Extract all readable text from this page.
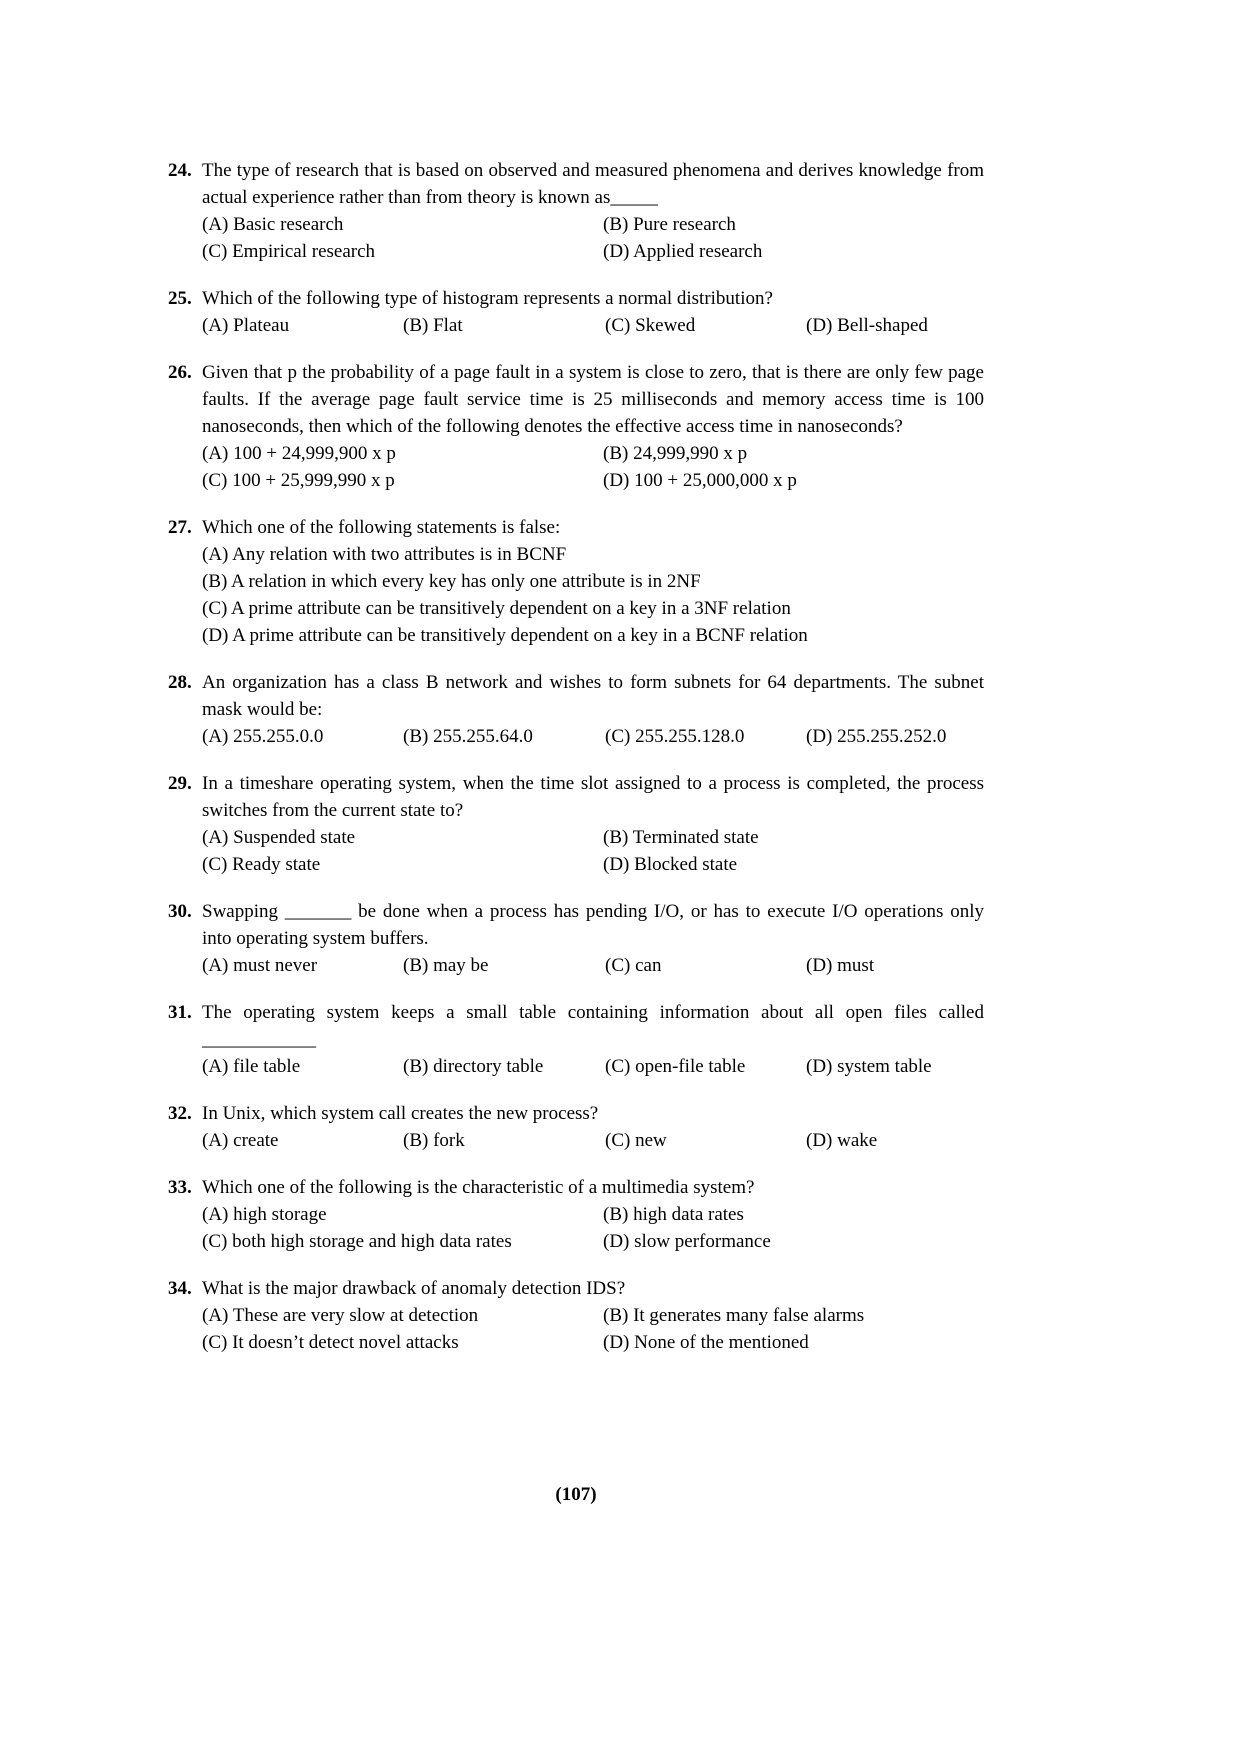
24. The type of research that is based on observed and measured phenomena and derives knowledge from actual experience rather than from theory is known as_____
(A) Basic research	(B) Pure research
(C) Empirical research	(D) Applied research
25. Which of the following type of histogram represents a normal distribution?
(A) Plateau	(B) Flat	(C) Skewed	(D) Bell-shaped
26. Given that p the probability of a page fault in a system is close to zero, that is there are only few page faults. If the average page fault service time is 25 milliseconds and memory access time is 100 nanoseconds, then which of the following denotes the effective access time in nanoseconds?
(A) 100 + 24,999,900 x p	(B) 24,999,990 x p
(C) 100 + 25,999,990 x p	(D) 100 + 25,000,000 x p
27. Which one of the following statements is false:
(A) Any relation with two attributes is in BCNF
(B) A relation in which every key has only one attribute is in 2NF
(C) A prime attribute can be transitively dependent on a key in a 3NF relation
(D) A prime attribute can be transitively dependent on a key in a BCNF relation
28. An organization has a class B network and wishes to form subnets for 64 departments. The subnet mask would be:
(A) 255.255.0.0	(B) 255.255.64.0	(C) 255.255.128.0	(D) 255.255.252.0
29. In a timeshare operating system, when the time slot assigned to a process is completed, the process switches from the current state to?
(A) Suspended state	(B) Terminated state
(C) Ready state	(D) Blocked state
30. Swapping _______ be done when a process has pending I/O, or has to execute I/O operations only into operating system buffers.
(A) must never	(B) may be	(C) can	(D) must
31. The operating system keeps a small table containing information about all open files called ____________
(A) file table	(B) directory table	(C) open-file table	(D) system table
32. In Unix, which system call creates the new process?
(A) create	(B) fork	(C) new	(D) wake
33. Which one of the following is the characteristic of a multimedia system?
(A) high storage	(B) high data rates
(C) both high storage and high data rates	(D) slow performance
34. What is the major drawback of anomaly detection IDS?
(A) These are very slow at detection	(B) It generates many false alarms
(C) It doesn’t detect novel attacks	(D) None of the mentioned
(107)
